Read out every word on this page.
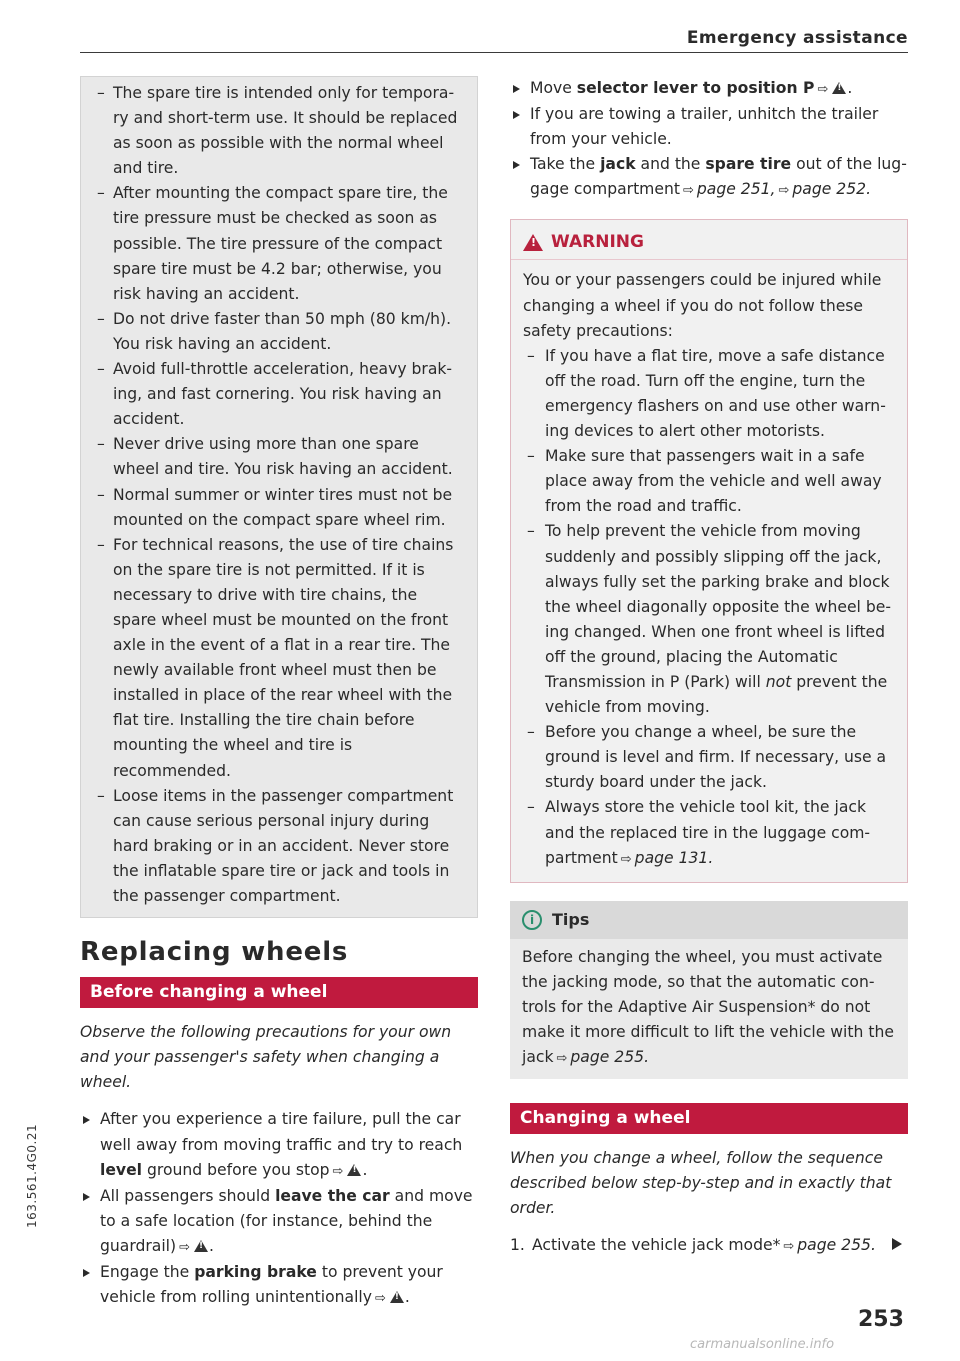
Emergency assistance
– The spare tire is intended only for temporary and short-term use. It should be replaced as soon as possible with the normal wheel and tire.
– After mounting the compact spare tire, the tire pressure must be checked as soon as possible. The tire pressure of the compact spare tire must be 4.2 bar; otherwise, you risk having an accident.
– Do not drive faster than 50 mph (80 km/h). You risk having an accident.
– Avoid full-throttle acceleration, heavy braking, and fast cornering. You risk having an accident.
– Never drive using more than one spare wheel and tire. You risk having an accident.
– Normal summer or winter tires must not be mounted on the compact spare wheel rim.
– For technical reasons, the use of tire chains on the spare tire is not permitted. If it is necessary to drive with tire chains, the spare wheel must be mounted on the front axle in the event of a flat in a rear tire. The newly available front wheel must then be installed in place of the rear wheel with the flat tire. Installing the tire chain before mounting the wheel and tire is recommended.
– Loose items in the passenger compartment can cause serious personal injury during hard braking or in an accident. Never store the inflatable spare tire or jack and tools in the passenger compartment.
Replacing wheels
Before changing a wheel

Observe the following precautions for your own and your passenger's safety when changing a wheel.

After you experience a tire failure, pull the car well away from moving traffic and try to reach level ground before you stop ⇨ ! .
All passengers should leave the car and move to a safe location (for instance, behind the guardrail) ⇨ ! .
Engage the parking brake to prevent your vehicle from rolling unintentionally ⇨ ! .
Move selector lever to position P ⇨ ! .
If you are towing a trailer, unhitch the trailer from your vehicle.
Take the jack and the spare tire out of the luggage compartment ⇨ page 251, ⇨ page 252.
!
WARNING

You or your passengers could be injured while changing a wheel if you do not follow these safety precautions:

– If you have a flat tire, move a safe distance off the road. Turn off the engine, turn the emergency flashers on and use other warning devices to alert other motorists.
– Make sure that passengers wait in a safe place away from the vehicle and well away from the road and traffic.
– To help prevent the vehicle from moving suddenly and possibly slipping off the jack, always fully set the parking brake and block the wheel diagonally opposite the wheel being changed. When one front wheel is lifted off the ground, placing the Automatic Transmission in P (Park) will not prevent the vehicle from moving.
– Before you change a wheel, be sure the ground is level and firm. If necessary, use a sturdy board under the jack.
– Always store the vehicle tool kit, the jack and the replaced tire in the luggage compartment ⇨ page 131.
i	Tips
Before changing the wheel, you must activate the jacking mode, so that the automatic controls for the Adaptive Air Suspension* do not make it more difficult to lift the vehicle with the jack ⇨ page 255.
Changing a wheel

When you change a wheel, follow the sequence described below step-by-step and in exactly that order.

1. Activate the vehicle jack mode* ⇨ page 255.
253
163.561.4G0.21
carmanualsonline.info
